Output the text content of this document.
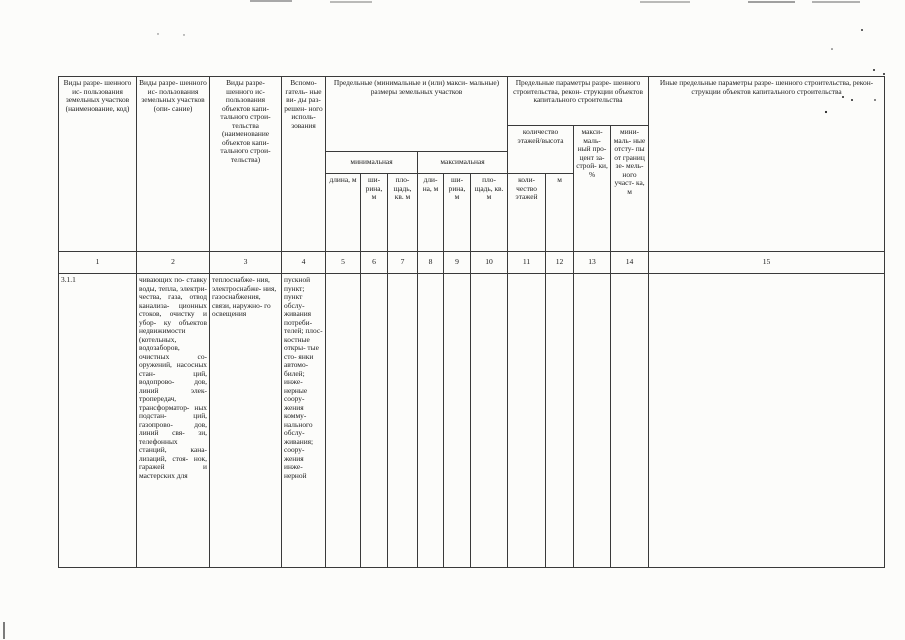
Виды разре- шенного ис- пользования земельных участков (наименование, код)	Виды разре- шенного ис- пользования земельных участков (опи- сание)	Виды разре- шенного ис- пользования объектов капи- тального строи- тельства (наименование объектов капи- тального строи- тельства)	Вспомо- гатель- ные ви- ды раз- решен- ного исполь- зования	Предельные (минимальные и (или) макси- мальные) размеры земельных участков						Предельные параметры разре- шенного строительства, рекон- струкции объектов капитального строительства				Иные предельные параметры разре- шенного строительства, рекон- струкции объектов капитального строительства
										количество этажей/высота		макси- маль- ный про- цент за- строй- ки, %	мини- маль- ные отсту- пы от границ зе- мель- ного участ- ка, м	
				минимальная			максимальная							
				длина, м	ши- рина, м	пло- щадь, кв. м	дли- на, м	ши- рина, м	пло- щадь, кв. м	коли- чество этажей	м			
1	2	3	4	5	6	7	8	9	10	11	12	13	14	15
3.1.1	чивающих по- ставку воды, тепла, электри- чества, газа, отвод канализа- ционных стоков, очистку и убор- ку объектов недвижимости (котельных, водозаборов, очистных со- оружений, насосных стан- ций, водопрово- дов, линий элек- тропередач, трансформатор- ных подстан- ций, газопрово- дов, линий свя- зи, телефонных станций, кана- лизаций, стоя- нок, гаражей и мастерских для	теплоснабже- ния, электроснабже- ния, газоснабжения, связи, наружно- го освещения	пускной пункт; пункт обслу- живания потреби- телей; плос- костные откры- тые сто- янки автомо- билей; инже- нерные соору- жения комму- нального обслу- живания; соору- жения инже- нерной											
